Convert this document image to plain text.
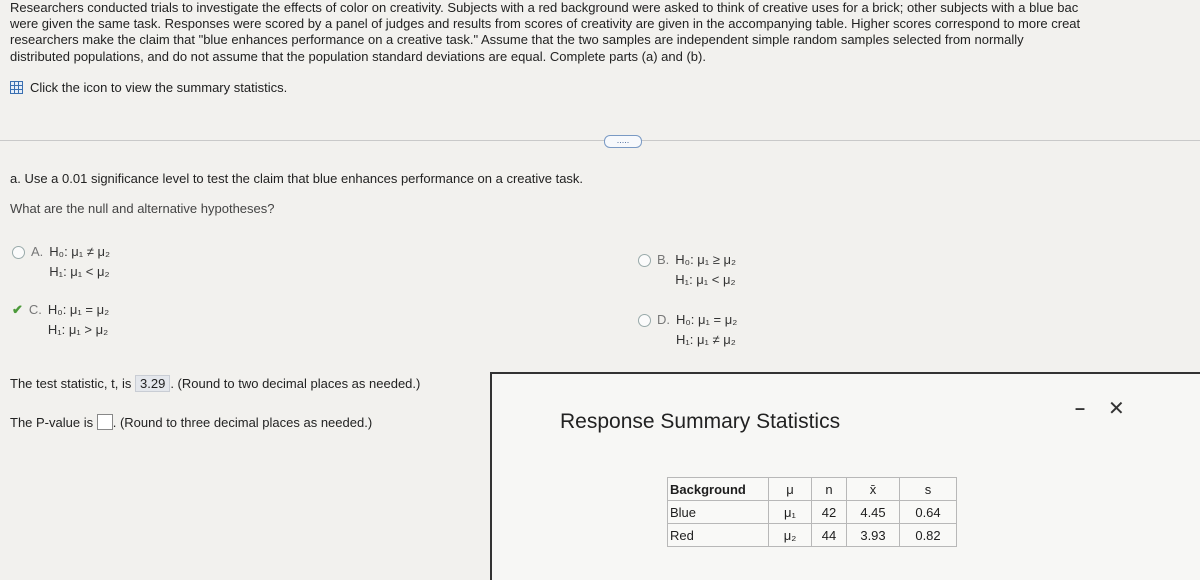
Researchers conducted trials to investigate the effects of color on creativity. Subjects with a red background were asked to think of creative uses for a brick; other subjects with a blue bac
were given the same task. Responses were scored by a panel of judges and results from scores of creativity are given in the accompanying table. Higher scores correspond to more creat
researchers make the claim that "blue enhances performance on a creative task." Assume that the two samples are independent simple random samples selected from normally
distributed populations, and do not assume that the population standard deviations are equal. Complete parts (a) and (b).
Click the icon to view the summary statistics.
.....
a. Use a 0.01 significance level to test the claim that blue enhances performance on a creative task.
What are the null and alternative hypotheses?
A. H₀: μ₁ ≠ μ₂
H₁: μ₁ < μ₂
✔ C. H₀: μ₁ = μ₂
H₁: μ₁ > μ₂
B. H₀: μ₁ ≥ μ₂
H₁: μ₁ < μ₂
D. H₀: μ₁ = μ₂
H₁: μ₁ ≠ μ₂
The test statistic, t, is 3.29 . (Round to two decimal places as needed.)
The P-value is . (Round to three decimal places as needed.)	Response Summary Statistics
– ✕
Background	μ	n	x̄	s
Blue	μ₁	42	4.45	0.64
Red	μ₂	44	3.93	0.82
